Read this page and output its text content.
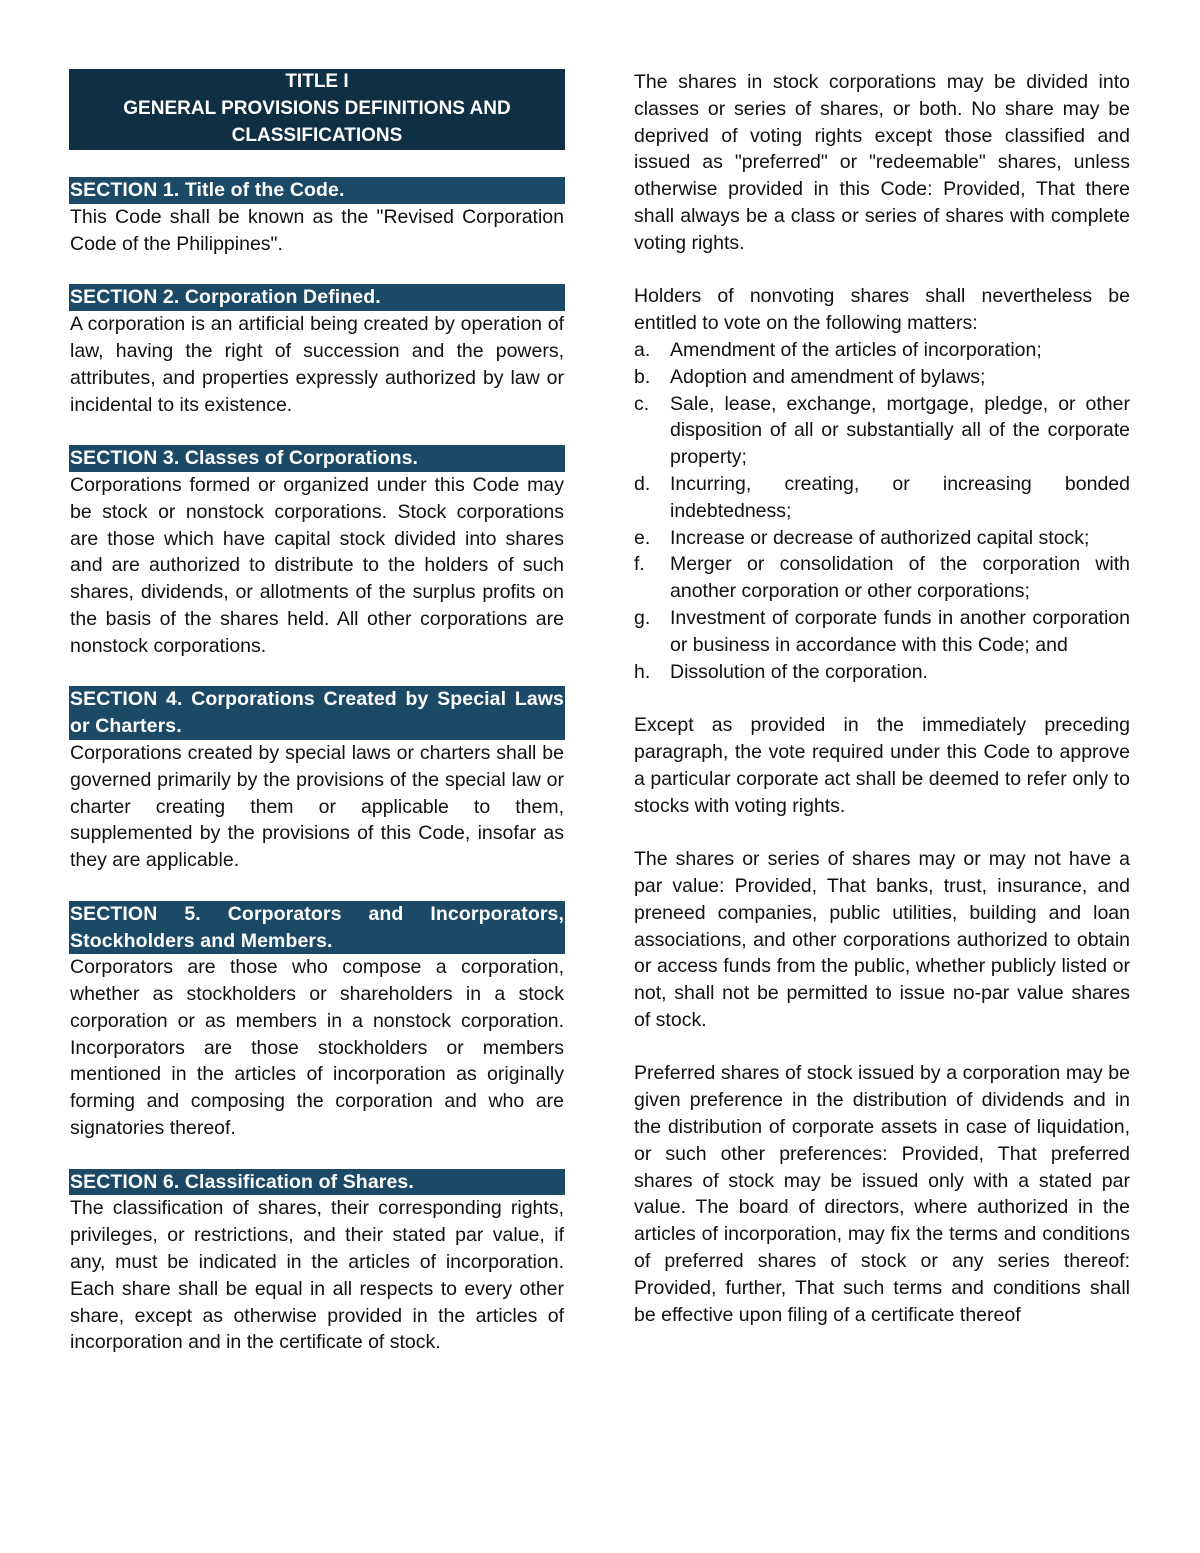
TITLE I
GENERAL PROVISIONS DEFINITIONS AND
CLASSIFICATIONS
SECTION 1. Title of the Code.
This Code shall be known as the "Revised Corporation Code of the Philippines".
SECTION 2. Corporation Defined.
A corporation is an artificial being created by operation of law, having the right of succession and the powers, attributes, and properties expressly authorized by law or incidental to its existence.
SECTION 3. Classes of Corporations.
Corporations formed or organized under this Code may be stock or nonstock corporations. Stock corporations are those which have capital stock divided into shares and are authorized to distribute to the holders of such shares, dividends, or allotments of the surplus profits on the basis of the shares held. All other corporations are nonstock corporations.
SECTION 4. Corporations Created by Special Laws or Charters.
Corporations created by special laws or charters shall be governed primarily by the provisions of the special law or charter creating them or applicable to them, supplemented by the provisions of this Code, insofar as they are applicable.
SECTION 5. Corporators and Incorporators, Stockholders and Members.
Corporators are those who compose a corporation, whether as stockholders or shareholders in a stock corporation or as members in a nonstock corporation. Incorporators are those stockholders or members mentioned in the articles of incorporation as originally forming and composing the corporation and who are signatories thereof.
SECTION 6. Classification of Shares.
The classification of shares, their corresponding rights, privileges, or restrictions, and their stated par value, if any, must be indicated in the articles of incorporation. Each share shall be equal in all respects to every other share, except as otherwise provided in the articles of incorporation and in the certificate of stock.
The shares in stock corporations may be divided into classes or series of shares, or both. No share may be deprived of voting rights except those classified and issued as "preferred" or "redeemable" shares, unless otherwise provided in this Code: Provided, That there shall always be a class or series of shares with complete voting rights.
Holders of nonvoting shares shall nevertheless be entitled to vote on the following matters:
a. Amendment of the articles of incorporation;
b. Adoption and amendment of bylaws;
c. Sale, lease, exchange, mortgage, pledge, or other disposition of all or substantially all of the corporate property;
d. Incurring, creating, or increasing bonded indebtedness;
e. Increase or decrease of authorized capital stock;
f. Merger or consolidation of the corporation with another corporation or other corporations;
g. Investment of corporate funds in another corporation or business in accordance with this Code; and
h. Dissolution of the corporation.
Except as provided in the immediately preceding paragraph, the vote required under this Code to approve a particular corporate act shall be deemed to refer only to stocks with voting rights.
The shares or series of shares may or may not have a par value: Provided, That banks, trust, insurance, and preneed companies, public utilities, building and loan associations, and other corporations authorized to obtain or access funds from the public, whether publicly listed or not, shall not be permitted to issue no-par value shares of stock.
Preferred shares of stock issued by a corporation may be given preference in the distribution of dividends and in the distribution of corporate assets in case of liquidation, or such other preferences: Provided, That preferred shares of stock may be issued only with a stated par value. The board of directors, where authorized in the articles of incorporation, may fix the terms and conditions of preferred shares of stock or any series thereof: Provided, further, That such terms and conditions shall be effective upon filing of a certificate thereof
